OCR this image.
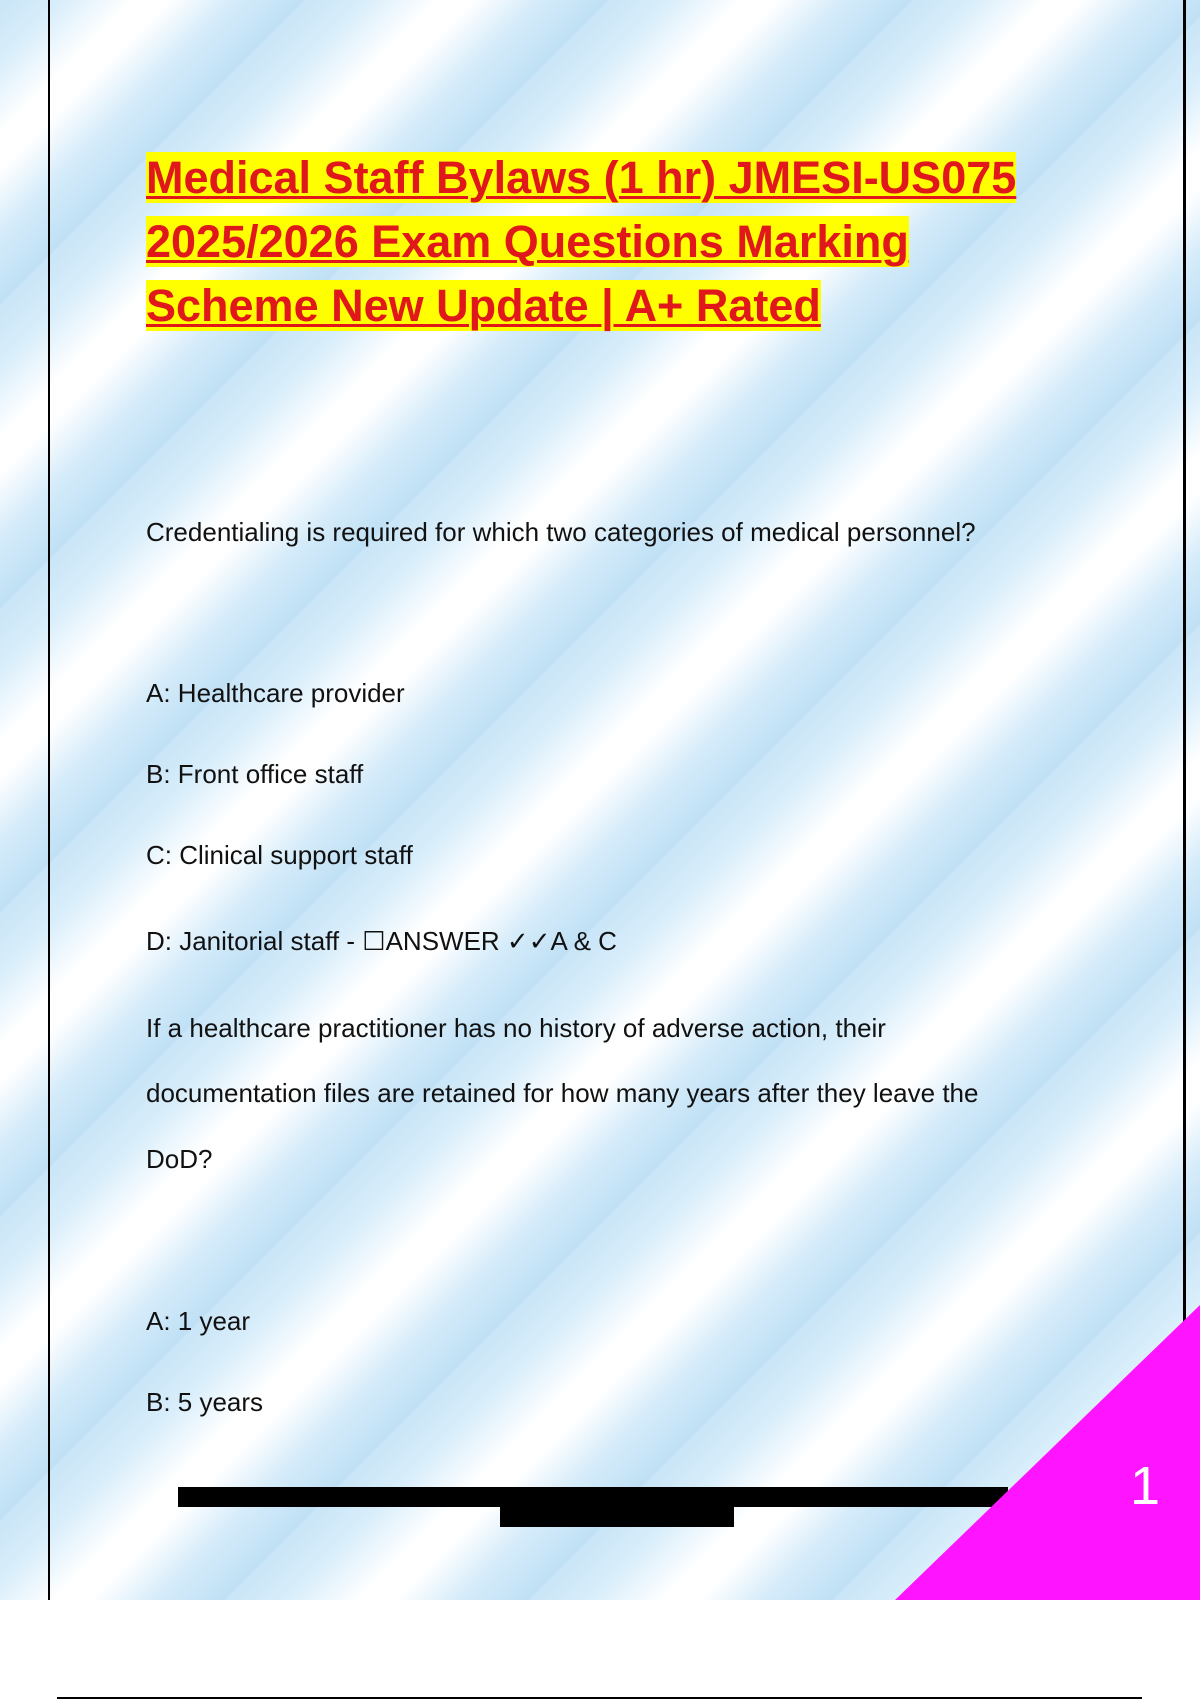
Medical Staff Bylaws (1 hr) JMESI-US075
2025/2026 Exam Questions Marking
Scheme New Update | A+ Rated

Credentialing is required for which two categories of medical personnel?

A: Healthcare provider

B: Front office staff

C: Clinical support staff

D: Janitorial staff - ☐ANSWER ✓✓A & C

If a healthcare practitioner has no history of adverse action, their

documentation files are retained for how many years after they leave the

DoD?

A: 1 year

B: 5 years

1
